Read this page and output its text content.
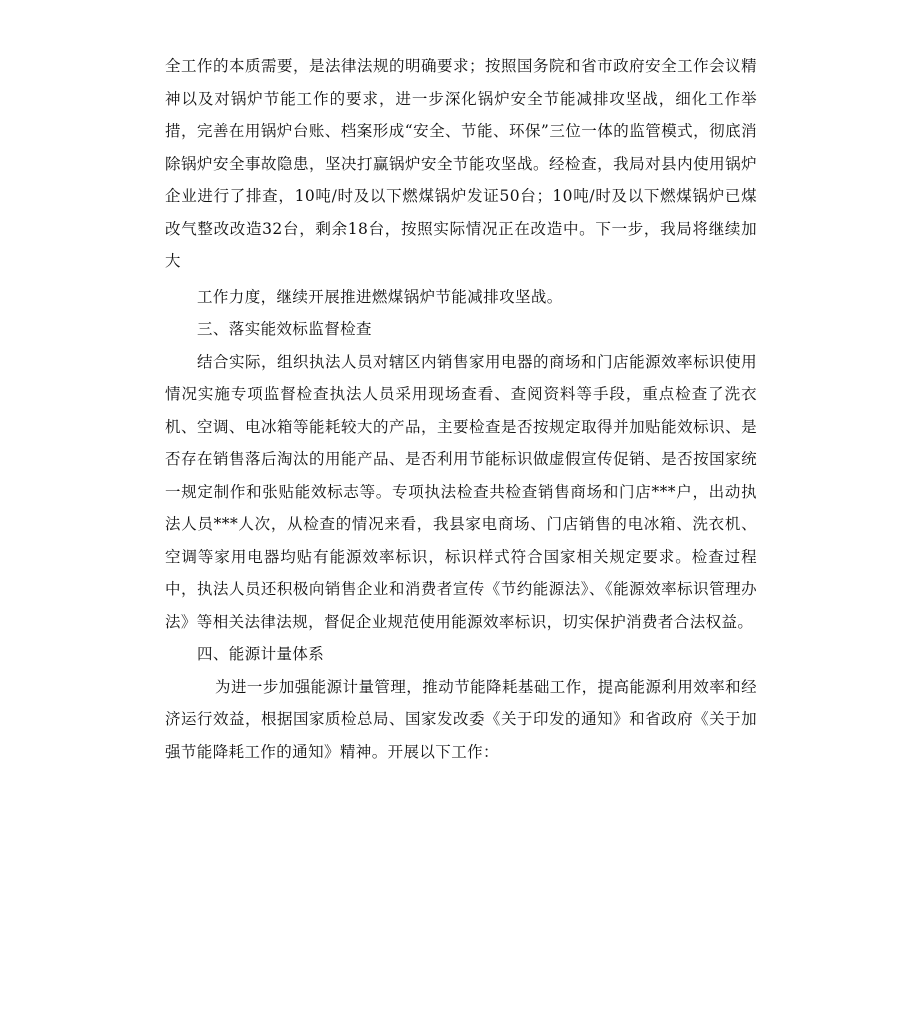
全工作的本质需要，是法律法规的明确要求；按照国务院和省市政府安全工作会议精神以及对锅炉节能工作的要求，进一步深化锅炉安全节能减排攻坚战，细化工作举措，完善在用锅炉台账、档案形成“安全、节能、环保”三位一体的监管模式，彻底消除锅炉安全事故隐患，坚决打赢锅炉安全节能攻坚战。经检查，我局对县内使用锅炉企业进行了排查，10吨/时及以下燃煤锅炉发证50台；10吨/时及以下燃煤锅炉已煤改气整改改造32台，剩余18台，按照实际情况正在改造中。下一步，我局将继续加大

工作力度，继续开展推进燃煤锅炉节能减排攻坚战。

三、落实能效标监督检查

结合实际，组织执法人员对辖区内销售家用电器的商场和门店能源效率标识使用情况实施专项监督检查执法人员采用现场查看、查阅资料等手段，重点检查了洗衣机、空调、电冰箱等能耗较大的产品，主要检查是否按规定取得并加贴能效标识、是否存在销售落后淘汰的用能产品、是否利用节能标识做虚假宣传促销、是否按国家统一规定制作和张贴能效标志等。专项执法检查共检查销售商场和门店***户，出动执法人员***人次，从检查的情况来看，我县家电商场、门店销售的电冰箱、洗衣机、空调等家用电器均贴有能源效率标识，标识样式符合国家相关规定要求。检查过程中，执法人员还积极向销售企业和消费者宣传《节约能源法》、《能源效率标识管理办法》等相关法律法规，督促企业规范使用能源效率标识，切实保护消费者合法权益。

四、能源计量体系

为进一步加强能源计量管理，推动节能降耗基础工作，提高能源利用效率和经济运行效益，根据国家质检总局、国家发改委《关于印发的通知》和省政府《关于加强节能降耗工作的通知》精神。开展以下工作：
